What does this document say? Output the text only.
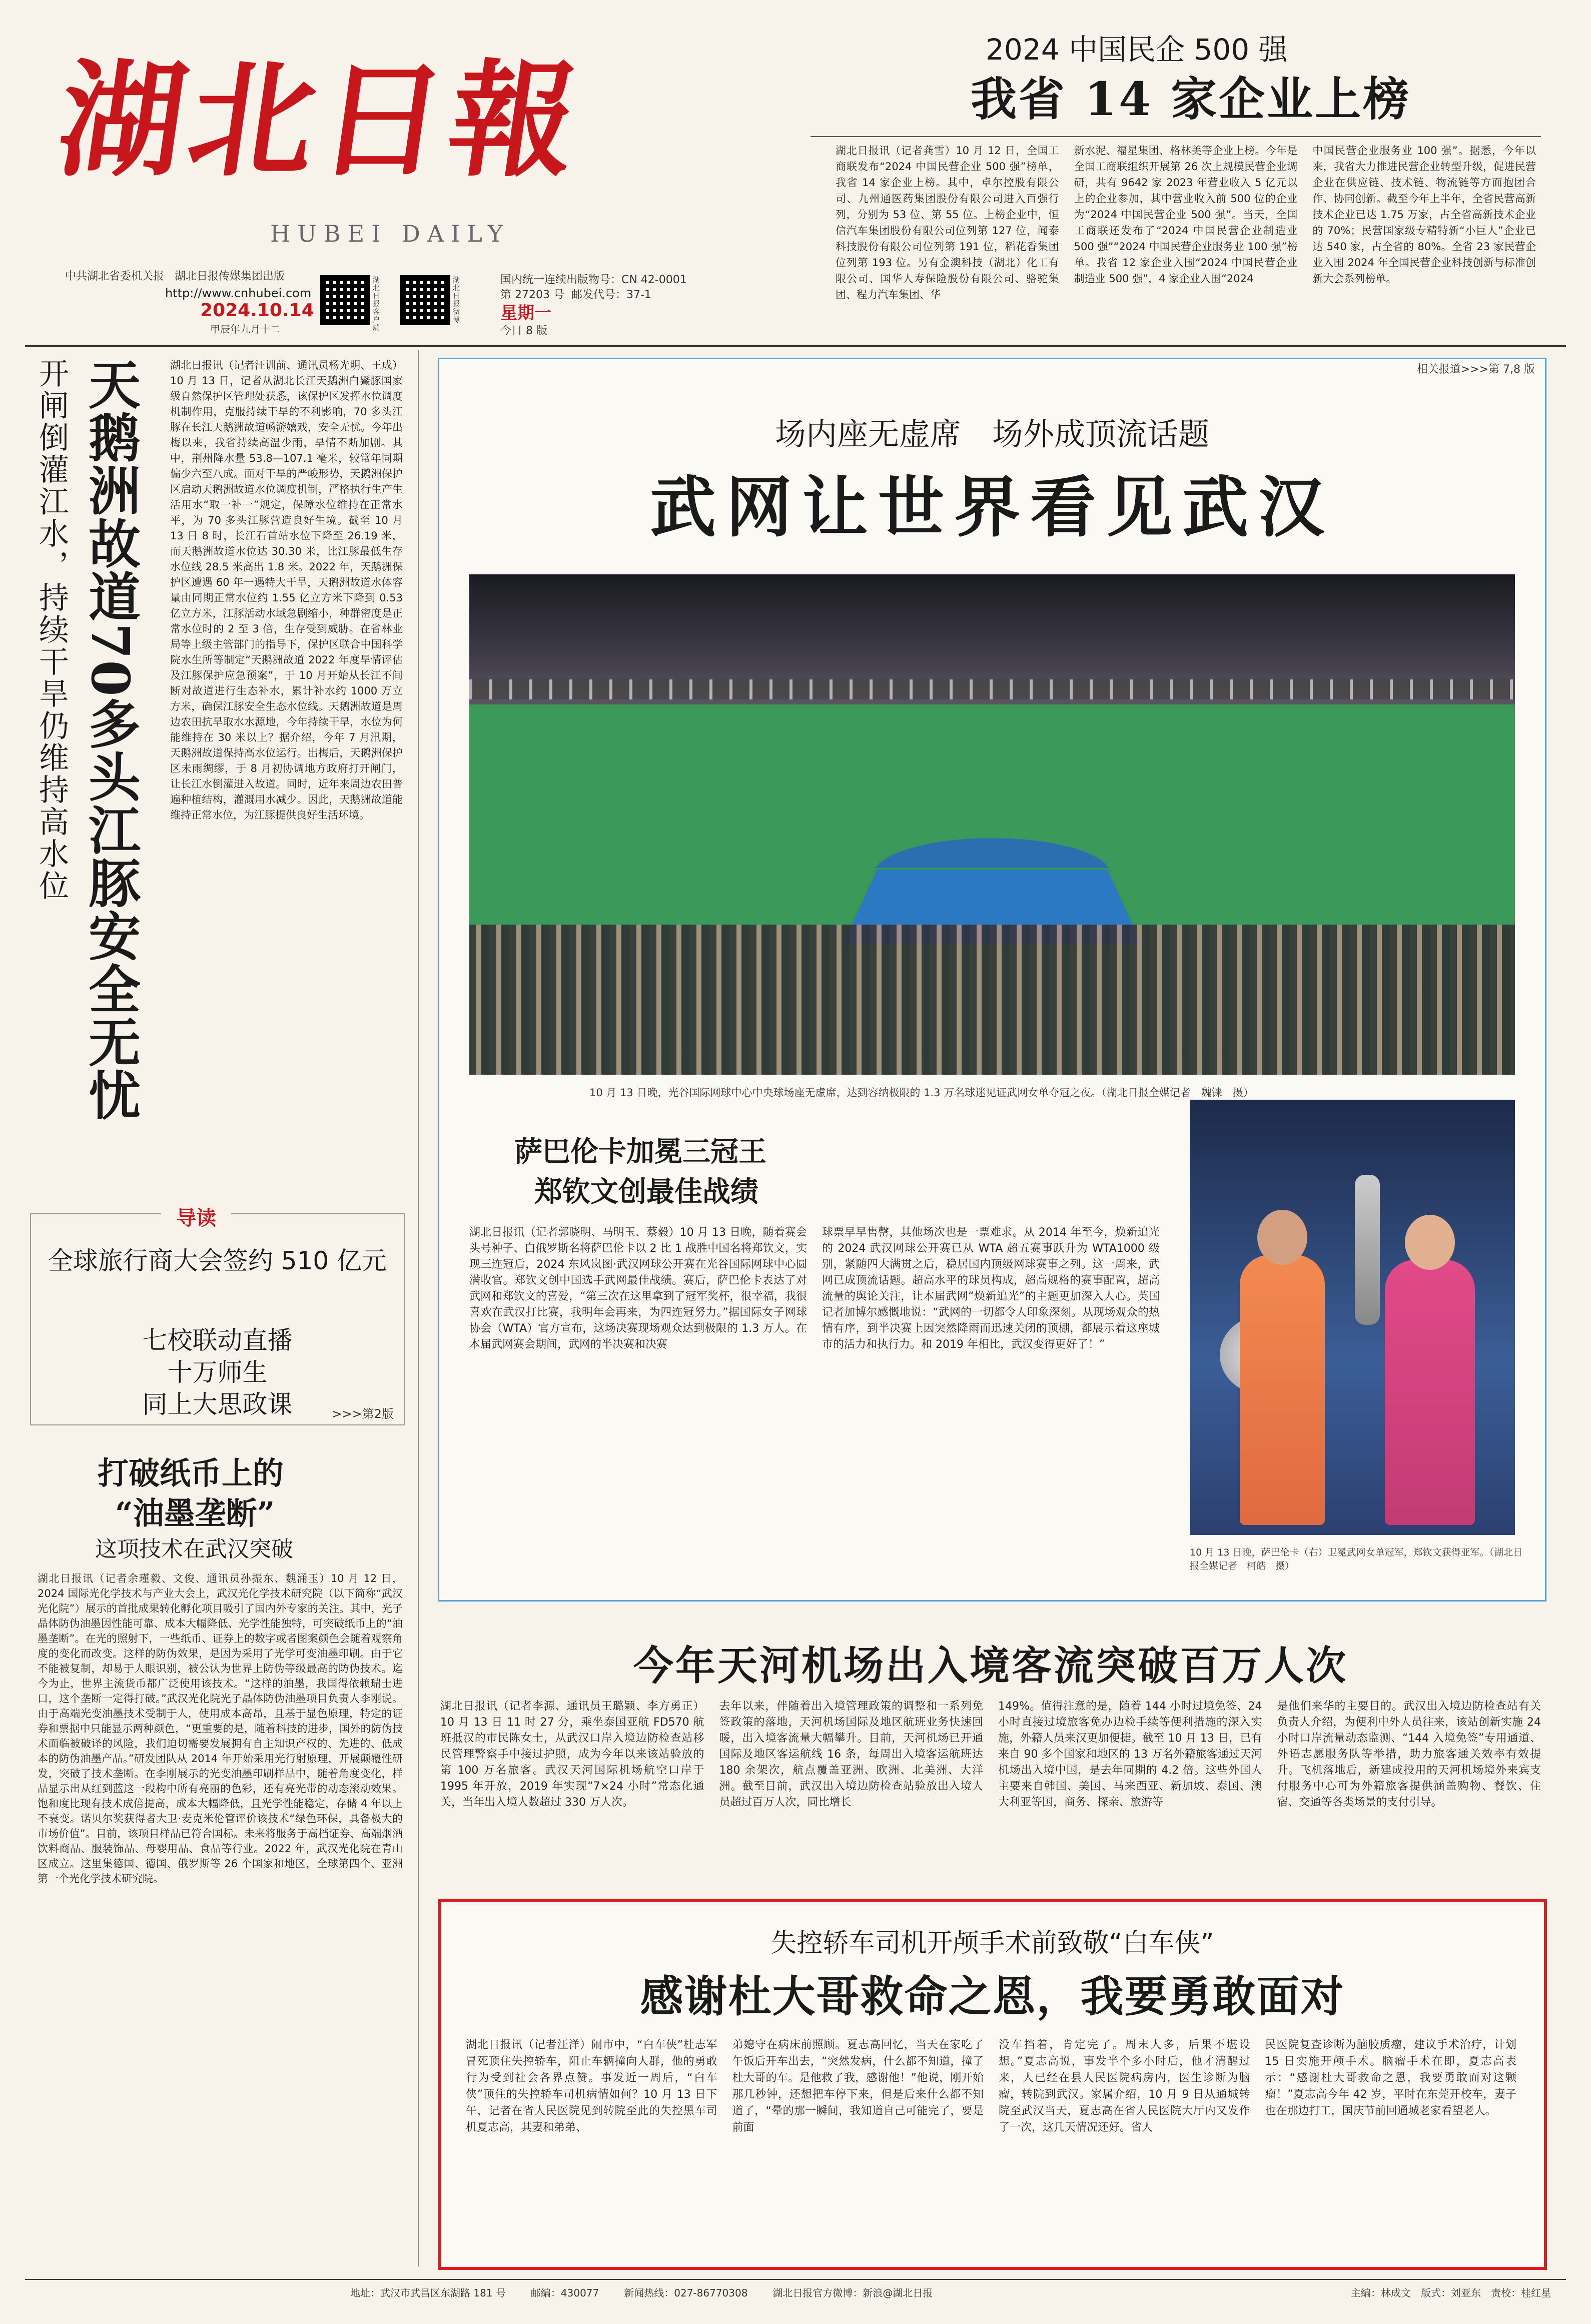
湖北日報
HUBEI DAILY
中共湖北省委机关报 湖北日报传媒集团出版
http://www.cnhubei.com
2024.10.14
甲辰年九月十二
湖北日报客户端
湖北日报微博
国内统一连续出版物号：CN 42-0001
第 27203 号 邮发代号：37-1
星期一
今日 8 版
2024 中国民企 500 强
我省 14 家企业上榜
湖北日报讯（记者龚雪）10 月 12 日，全国工商联发布“2024 中国民营企业 500 强”榜单，我省 14 家企业上榜。其中，卓尔控股有限公司、九州通医药集团股份有限公司进入百强行列，分别为 53 位、第 55 位。上榜企业中，恒信汽车集团股份有限公司位列第 127 位，闻泰科技股份有限公司位列第 191 位，稻花香集团位列第 193 位。另有金澳科技（湖北）化工有限公司、国华人寿保险股份有限公司、骆驼集团、程力汽车集团、华
新水泥、福星集团、格林美等企业上榜。今年是全国工商联组织开展第 26 次上规模民营企业调研，共有 9642 家 2023 年营业收入 5 亿元以上的企业参加，其中营业收入前 500 位的企业为“2024 中国民营企业 500 强”。当天，全国工商联还发布了“2024 中国民营企业制造业 500 强”“2024 中国民营企业服务业 100 强”榜单。我省 12 家企业入围“2024 中国民营企业制造业 500 强”，4 家企业入围“2024
中国民营企业服务业 100 强”。据悉，今年以来，我省大力推进民营企业转型升级，促进民营企业在供应链、技术链、物流链等方面抱团合作、协同创新。截至今年上半年，全省民营高新技术企业已达 1.75 万家，占全省高新技术企业的 70%；民营国家级专精特新“小巨人”企业已达 540 家，占全省的 80%。全省 23 家民营企业入围 2024 年全国民营企业科技创新与标准创新大会系列榜单。
开闸倒灌江水，持续干旱仍维持高水位 天鹅洲故道70多头江豚安全无忧	湖北日报讯（记者汪训前、通讯员杨光明、王成）10 月 13 日，记者从湖北长江天鹅洲白鱀豚国家级自然保护区管理处获悉，该保护区发挥水位调度机制作用，克服持续干旱的不利影响，70 多头江豚在长江天鹅洲故道畅游嬉戏，安全无忧。今年出梅以来，我省持续高温少雨，旱情不断加剧。其中，荆州降水量 53.8—107.1 毫米，较常年同期偏少六至八成。面对干旱的严峻形势，天鹅洲保护区启动天鹅洲故道水位调度机制，严格执行生产生活用水“取一补一”规定，保障水位维持在正常水平，为 70 多头江豚营造良好生境。截至 10 月 13 日 8 时，长江石首站水位下降至 26.19 米，而天鹅洲故道水位达 30.30 米，比江豚最低生存水位线 28.5 米高出 1.8 米。2022 年，天鹅洲保护区遭遇 60 年一遇特大干旱，天鹅洲故道水体容量由同期正常水位约 1.55 亿立方米下降到 0.53 亿立方米，江豚活动水域急剧缩小，种群密度是正常水位时的 2 至 3 倍，生存受到威胁。在省林业局等上级主管部门的指导下，保护区联合中国科学院水生所等制定“天鹅洲故道 2022 年度旱情评估及江豚保护应急预案”，于 10 月开始从长江不间断对故道进行生态补水，累计补水约 1000 万立方米，确保江豚安全生态水位线。天鹅洲故道是周边农田抗旱取水水源地，今年持续干旱，水位为何能维持在 30 米以上？据介绍，今年 7 月汛期，天鹅洲故道保持高水位运行。出梅后，天鹅洲保护区未雨绸缪，于 8 月初协调地方政府打开闸门，让长江水倒灌进入故道。同时，近年来周边农田普遍种植结构，灌溉用水减少。因此，天鹅洲故道能维持正常水位，为江豚提供良好生活环境。
导读
全球旅行商大会签约 510 亿元
七校联动直播
十万师生
同上大思政课	>>>第2版
打破纸币上的
“油墨垄断”
这项技术在武汉突破
湖北日报讯（记者余瑾毅、文俊、通讯员孙振东、魏涌玉）10 月 12 日，2024 国际光化学技术与产业大会上，武汉光化学技术研究院（以下简称“武汉光化院”）展示的首批成果转化孵化项目吸引了国内外专家的关注。其中，光子晶体防伪油墨因性能可靠、成本大幅降低、光学性能独特，可突破纸币上的“油墨垄断”。在光的照射下，一些纸币、证券上的数字或者图案颜色会随着观察角度的变化而改变。这样的防伪效果，是因为采用了光学可变油墨印刷。由于它不能被复制，却易于人眼识别，被公认为世界上防伪等级最高的防伪技术。迄今为止，世界主流货币都广泛使用该技术。“这样的油墨，我国得依赖瑞士进口，这个垄断一定得打破。”武汉光化院光子晶体防伪油墨项目负责人李刚说。由于高端光变油墨技术受制于人，使用成本高昂，且基于显色原理，特定的证券和票据中只能显示两种颜色，“更重要的是，随着科技的进步，国外的防伪技术面临被破译的风险，我们迫切需要发展拥有自主知识产权的、先进的、低成本的防伪油墨产品。”研发团队从 2014 年开始采用光行射原理，开展颠覆性研发，突破了技术垄断。在李刚展示的光变油墨印刷样品中，随着角度变化，样品显示出从红到蓝这一段构中所有亮丽的色彩，还有亮光带的动态滚动效果。饱和度比现有技术成倍提高，成本大幅降低，且光学性能稳定，存储 4 年以上不衰变。诺贝尔奖获得者大卫·麦克米伦管评价该技术“绿色环保，具备极大的市场价值”。目前，该项目样品已符合国标。未来将服务于高档证券、高端烟酒饮料商品、服装饰品、母婴用品、食品等行业。2022 年，武汉光化院在青山区成立。这里集德国、德国、俄罗斯等 26 个国家和地区，全球第四个、亚洲第一个光化学技术研究院。
相关报道>>>第 7,8 版
场内座无虚席　场外成顶流话题
武网让世界看见武汉
10 月 13 日晚，光谷国际网球中心中央球场座无虚席，达到容纳极限的 1.3 万名球迷见证武网女单夺冠之夜。（湖北日报全媒记者　魏铼　摄）
萨巴伦卡加冕三冠王
郑钦文创最佳战绩
湖北日报讯（记者郭晓明、马明玉、蔡毅）10 月 13 日晚，随着赛会头号种子、白俄罗斯名将萨巴伦卡以 2 比 1 战胜中国名将郑钦文，实现三连冠后，2024 东风岚图·武汉网球公开赛在光谷国际网球中心圆满收官。郑钦文创中国选手武网最佳战绩。赛后，萨巴伦卡表达了对武网和郑钦文的喜爱，“第三次在这里拿到了冠军奖杯，很幸福，我很喜欢在武汉打比赛，我明年会再来，为四连冠努力。”据国际女子网球协会（WTA）官方宣布，这场决赛现场观众达到极限的 1.3 万人。在本届武网赛会期间，武网的半决赛和决赛
球票早早售罄，其他场次也是一票难求。从 2014 年至今，焕新追光的 2024 武汉网球公开赛已从 WTA 超五赛事跃升为 WTA1000 级别，紧随四大满贯之后，稳居国内顶级网球赛事之列。这一周来，武网已成顶流话题。超高水平的球员构成，超高规格的赛事配置，超高流量的舆论关注，让本届武网“焕新追光”的主题更加深入人心。英国记者加博尔感慨地说：“武网的一切都令人印象深刻。从现场观众的热情有序，到半决赛上因突然降雨而迅速关闭的顶棚，都展示着这座城市的活力和执行力。和 2019 年相比，武汉变得更好了！”
10 月 13 日晚，萨巴伦卡（右）卫冕武网女单冠军，郑钦文获得亚军。（湖北日报全媒记者　柯皓　摄）
今年天河机场出入境客流突破百万人次
湖北日报讯（记者李源、通讯员王璐颖、李方勇正）10 月 13 日 11 时 27 分，乘坐泰国亚航 FD570 航班抵汉的市民陈女士，从武汉口岸入境边防检查站移民管理警察手中接过护照，成为今年以来该站验放的第 100 万名旅客。武汉天河国际机场航空口岸于 1995 年开放，2019 年实现“7×24 小时”常态化通关，当年出入境人数超过 330 万人次。
去年以来，伴随着出入境管理政策的调整和一系列免签政策的落地，天河机场国际及地区航班业务快速回暖，出入境客流量大幅攀升。目前，天河机场已开通国际及地区客运航线 16 条，每周出入境客运航班达 180 余架次，航点覆盖亚洲、欧洲、北美洲、大洋洲。截至目前，武汉出入境边防检查站验放出入境人员超过百万人次，同比增长
149%。值得注意的是，随着 144 小时过境免签、24 小时直接过境旅客免办边检手续等便利措施的深入实施，外籍人员来汉更加便捷。截至 10 月 13 日，已有来自 90 多个国家和地区的 13 万名外籍旅客通过天河机场出入境中国，是去年同期的 4.2 倍。这些外国人主要来自韩国、美国、马来西亚、新加坡、泰国、澳大利亚等国，商务、探亲、旅游等
是他们来华的主要目的。武汉出入境边防检查站有关负责人介绍，为便利中外人员往来，该站创新实施 24 小时口岸流量动态监测、“144 入境免签”专用通道、外语志愿服务队等举措，助力旅客通关效率有效提升。飞机落地后，新建成投用的天河机场境外来宾支付服务中心可为外籍旅客提供涵盖购物、餐饮、住宿、交通等各类场景的支付引导。
失控轿车司机开颅手术前致敬“白车侠”
感谢杜大哥救命之恩，我要勇敢面对
湖北日报讯（记者汪洋）闹市中，“白车侠”杜志军冒死顶住失控轿车，阻止车辆撞向人群，他的勇敢行为受到社会各界点赞。事发近一周后，“白车侠”顶住的失控轿车司机病情如何？10 月 13 日下午，记者在省人民医院见到转院至此的失控黑车司机夏志高，其妻和弟弟、
弟媳守在病床前照顾。夏志高回忆，当天在家吃了午饭后开车出去，“突然发病，什么都不知道，撞了杜大哥的车。是他救了我，感谢他！”他说，刚开始那几秒钟，还想把车停下来，但是后来什么都不知道了，“晕的那一瞬间，我知道自己可能完了，要是前面
没车挡着，肯定完了。周末人多，后果不堪设想。”夏志高说，事发半个多小时后，他才清醒过来，人已经在县人民医院病房内，医生诊断为脑瘤，转院到武汉。家属介绍，10 月 9 日从通城转院至武汉当天，夏志高在省人民医院大厅内又发作了一次，这几天情况还好。省人
民医院复查诊断为脑胶质瘤，建议手术治疗，计划 15 日实施开颅手术。脑瘤手术在即，夏志高表示：“感谢杜大哥救命之恩，我要勇敢面对这颗瘤！”夏志高今年 42 岁，平时在东莞开校车，妻子也在那边打工，国庆节前回通城老家看望老人。
地址：武汉市武昌区东湖路 181 号	邮编：430077	新闻热线：027-86770308	湖北日报官方微博：新浪@湖北日报	主编：林成文　版式：刘亚东　责校：桂红星
